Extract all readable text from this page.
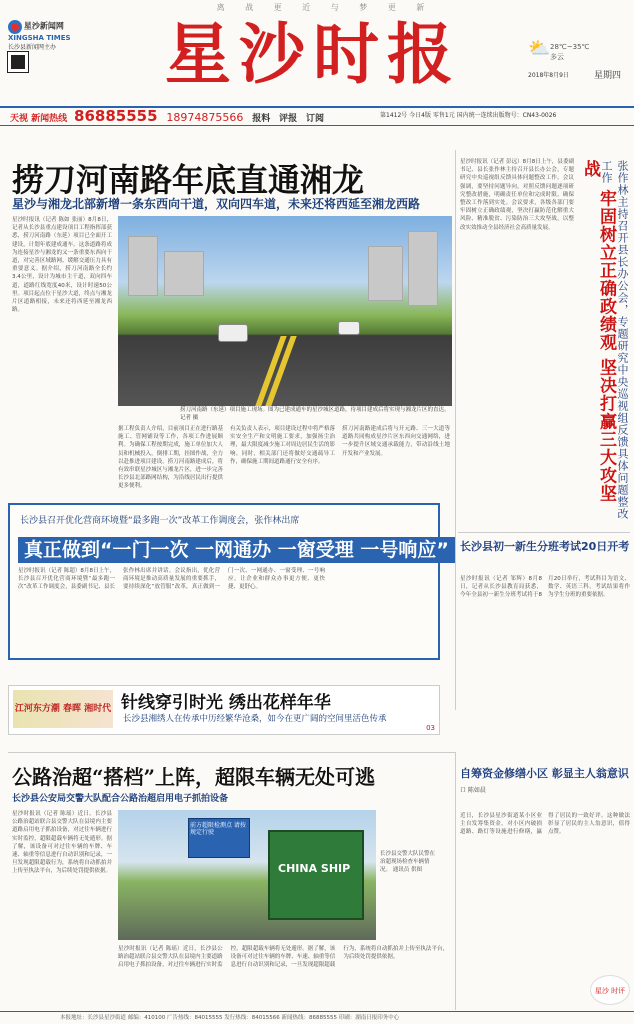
离 战 更 近 与 梦 更 新
星沙新闻网
XINGSHA TIMES
长沙县新闻网主办	星沙时报	⛅ 28℃~35℃
多云
2018年8月9日	星期四
天视 新闻热线 86885555 18974875566 报料 评报 订阅	第1412号 今日4版 零售1元 国内统一连续出版物号：CN43-0026
捞刀河南路年底直通湘龙
星沙与湘龙北部新增一条东西向干道，双向四车道，未来还将西延至湘龙西路
星沙时报讯（记者 陈如 张丽）8月8日，记者从长沙县重点建设项目工程指挥部获悉，捞刀河南路（东延）项目已全面开工建设，计划年底建成通车。这条道路将成为连接星沙与湘龙的又一条重要东西向干道，对完善区域路网、缓解交通压力具有重要意义。据介绍，捞刀河南路全长约3.4公里，设计为城市主干道，双向四车道，道路红线宽度40米，设计时速50公里。项目起点位于星沙大道，终点与湘龙片区道路相接，未来还将西延至湘龙西路。
捞刀河南路（东延）项目施工现场。图为已建成通车的星沙城区道路，待项目建成后将实现与湘龙片区的直达。 记者 摄
据工程负责人介绍，目前项目正在进行路基施工、管网铺设等工作，各项工作进展顺利。为确保工程按期完成，施工单位加大人员和机械投入，倒排工期，挂图作战，全力以赴推进项目建设。捞刀河南路建成后，将有效串联星沙城区与湘龙片区，进一步完善长沙县北部路网结构，为沿线居民出行提供更多便利。
有关负责人表示，项目建设过程中将严格落实安全生产和文明施工要求，加强扬尘治理，最大限度减少施工对周边居民生活的影响。同时，相关部门还将做好交通疏导工作，确保施工期间道路通行安全有序。
捞刀河南路建成后将与开元路、三一大道等道路共同构成星沙片区东西向交通网络，进一步提升区域交通承载能力，带动沿线土地开发和产业发展。
星沙时报讯（记者 彭远）8月8日上午，县委副书记、县长张作林主持召开县长办公会，专题研究中央巡视组反馈具体问题整改工作。会议强调，要坚持问题导向，对照反馈问题逐项研究整改措施，明确责任单位和完成时限，确保整改工作落到实处。会议要求，各级各部门要牢固树立正确政绩观，坚决打赢防范化解重大风险、精准脱贫、污染防治三大攻坚战，以整改实效推动全县经济社会高质量发展。	张作林主持召开县长办公会，专题研究中央巡视组反馈具体问题整改工作 牢固树立正确政绩观 坚决打赢三大攻坚战
长沙县召开优化营商环境暨“最多跑一次”改革工作调度会，张作林出席
真正做到“一门一次 一网通办 一窗受理 一号响应”
星沙时报讯（记者 陈超）8月8日上午，长沙县召开优化营商环境暨“最多跑一次”改革工作调度会，县委副书记、县长张作林出席并讲话。会议指出，优化营商环境是推动高质量发展的重要抓手，要持续深化“放管服”改革，真正做到一门一次、一网通办、一窗受理、一号响应，让企业和群众办事更方便、更快捷、更舒心。
长沙县初一新生分班考试20日开考
星沙时报讯（记者 邹辉）8月8日，记者从长沙县教育局获悉，今年全县初一新生分班考试将于8月20日举行，考试科目为语文、数学、英语三科，考试结果将作为学生分班的重要依据。
江河东方潮 春晖 湘时代 针线穿引时光 绣出花样年华
长沙县湘绣人在传承中历经繁华沧桑，如今在更广阔的空间里活色传承
03
公路治超“搭档”上阵，超限车辆无处可逃
长沙县公安局交警大队配合公路治超启用电子抓拍设备
星沙时报讯（记者 陈瑶）近日，长沙县公路治超站联合县交警大队在县境内主要道路启用电子抓拍设备，对过往车辆进行实时监控，超限超载车辆将无处遁形。据了解，该设备可对过往车辆的车牌、车速、轴重等信息进行自动识别和记录，一旦发现超限超载行为，系统将自动抓拍并上传至执法平台，为后续处罚提供依据。	CHINA SHIP
前方超限检测点 请按规定行驶
长沙县交警大队民警在治超现场检查车辆情况。 通讯员 供图
星沙时报讯（记者 陈瑶）近日，长沙县公路治超站联合县交警大队在县境内主要道路启用电子抓拍设备，对过往车辆进行实时监控，超限超载车辆将无处遁形。据了解，该设备可对过往车辆的车牌、车速、轴重等信息进行自动识别和记录，一旦发现超限超载行为，系统将自动抓拍并上传至执法平台，为后续处罚提供依据。
自筹资金修缮小区 彰显主人翁意识
口 陈如晨
近日，长沙县星沙街道某小区业主自发筹集资金，对小区内破损道路、路灯等设施进行修缮，赢得了居民的一致好评。这种做法彰显了居民的主人翁意识，值得点赞。
星沙 时评
本报地址：长沙县星沙街道 邮编：410100 广告热线：84015555 发行热线：84015566 新闻热线：86885555 印刷：湖南日报印务中心
